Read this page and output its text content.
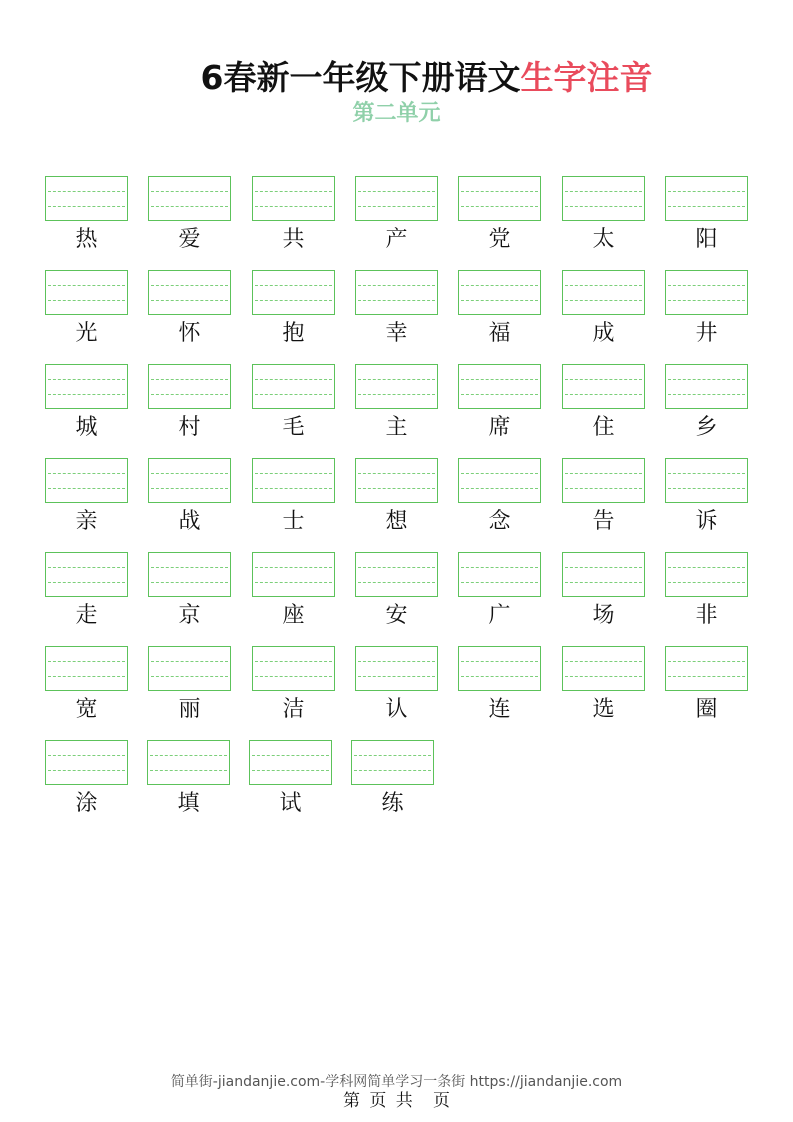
6春新一年级下册语文生字注音
第二单元
热	爱	共	产	党	太	阳
光	怀	抱	幸	福	成	井
城	村	毛	主	席	住	乡
亲	战	士	想	念	告	诉
走	京	座	安	广	场	非
宽	丽	洁	认	连	选	圈
涂	填	试	练
简单街-jiandanjie.com-学科网简单学习一条街 https://jiandanjie.com
第 页 共 页
